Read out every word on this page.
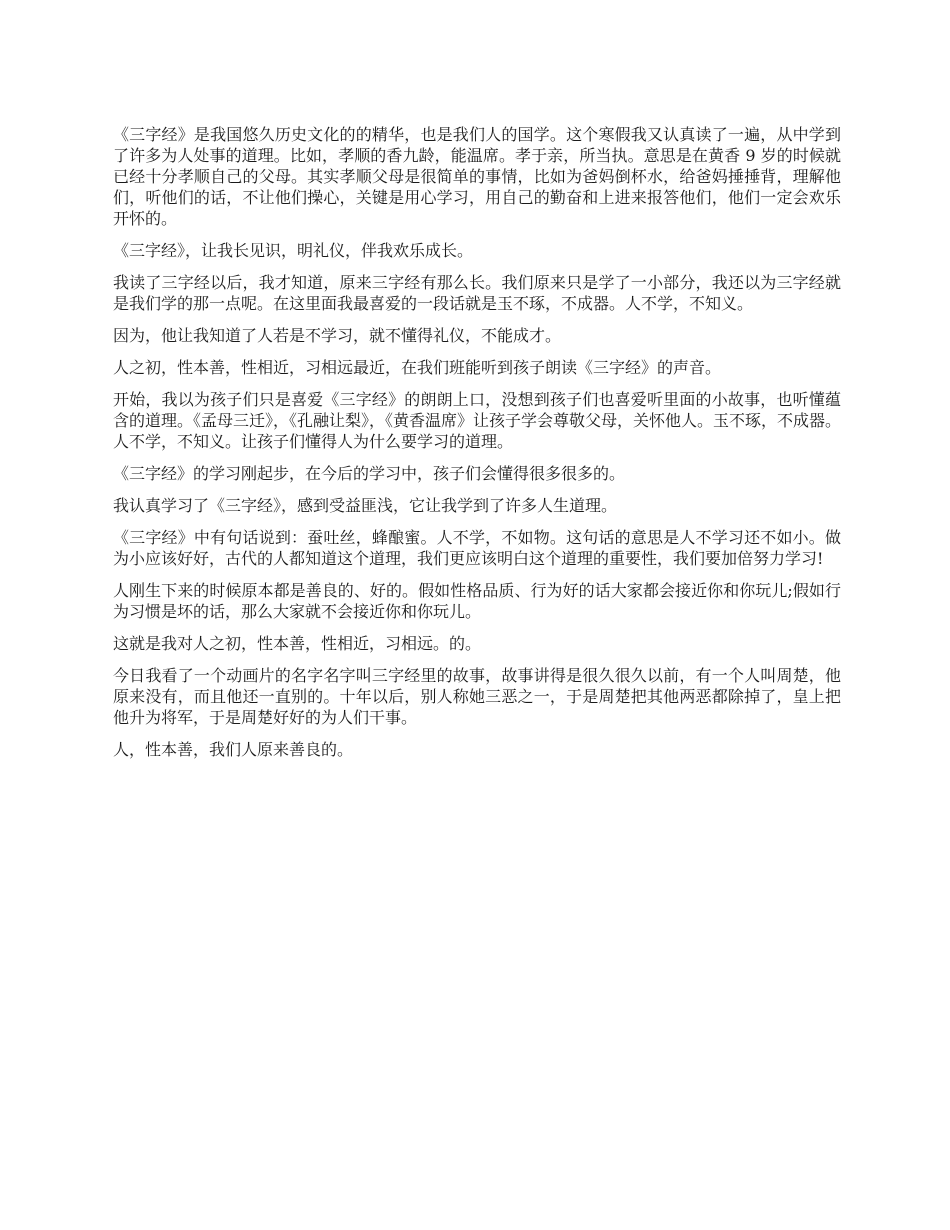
《三字经》是我国悠久历史文化的的精华，也是我们人的国学。这个寒假我又认真读了一遍，从中学到了许多为人处事的道理。比如，孝顺的香九龄，能温席。孝于亲，所当执。意思是在黄香 9 岁的时候就已经十分孝顺自己的父母。其实孝顺父母是很简单的事情，比如为爸妈倒杯水，给爸妈捶捶背，理解他们，听他们的话，不让他们操心，关键是用心学习，用自己的勤奋和上进来报答他们，他们一定会欢乐开怀的。

《三字经》，让我长见识，明礼仪，伴我欢乐成长。

我读了三字经以后，我才知道，原来三字经有那么长。我们原来只是学了一小部分，我还以为三字经就是我们学的那一点呢。在这里面我最喜爱的一段话就是玉不琢，不成器。人不学，不知义。

因为，他让我知道了人若是不学习，就不懂得礼仪，不能成才。

人之初，性本善，性相近，习相远最近，在我们班能听到孩子朗读《三字经》的声音。

开始，我以为孩子们只是喜爱《三字经》的朗朗上口，没想到孩子们也喜爱听里面的小故事，也听懂蕴含的道理。《孟母三迁》，《孔融让梨》，《黄香温席》让孩子学会尊敬父母，关怀他人。玉不琢，不成器。人不学，不知义。让孩子们懂得人为什么要学习的道理。

《三字经》的学习刚起步，在今后的学习中，孩子们会懂得很多很多的。

我认真学习了《三字经》，感到受益匪浅，它让我学到了许多人生道理。

《三字经》中有句话说到：蚕吐丝，蜂酿蜜。人不学，不如物。这句话的意思是人不学习还不如小。做为小应该好好，古代的人都知道这个道理，我们更应该明白这个道理的重要性，我们要加倍努力学习!

人刚生下来的时候原本都是善良的、好的。假如性格品质、行为好的话大家都会接近你和你玩儿;假如行为习惯是坏的话，那么大家就不会接近你和你玩儿。

这就是我对人之初，性本善，性相近，习相远。的。

今日我看了一个动画片的名字名字叫三字经里的故事，故事讲得是很久很久以前，有一个人叫周楚，他原来没有，而且他还一直别的。十年以后，别人称她三恶之一，于是周楚把其他两恶都除掉了，皇上把他升为将军，于是周楚好好的为人们干事。

人，性本善，我们人原来善良的。
